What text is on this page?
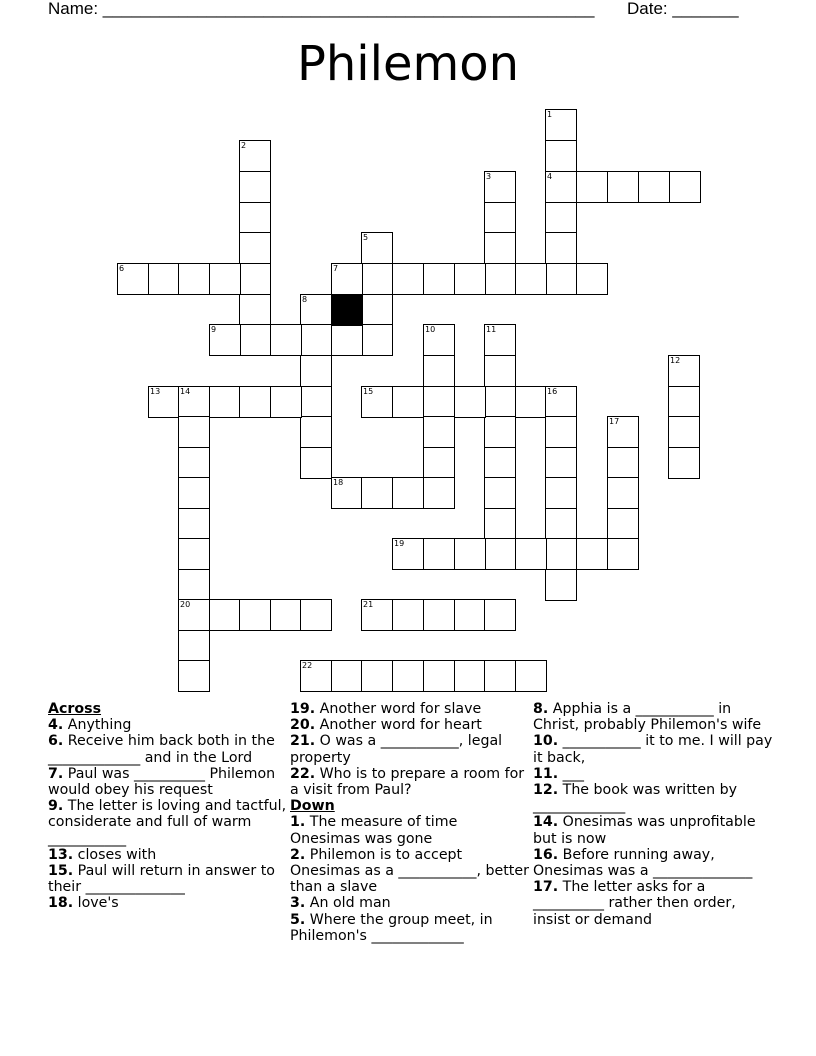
Name: ____________________________________________________ Date: _______
Philemon
1
4
2
3
5
6	7
8
9	10	11
12
13 14	15	16
20
17
18
19
21
22

Across

4. Anything

6. Receive him back both in the _____________ and in the Lord

7. Paul was __________ Philemon would obey his request

9. The letter is loving and tactful, considerate and full of warm ___________

13. closes with

15. Paul will return in answer to their ______________

18. love's

19. Another word for slave

20. Another word for heart

21. O was a ___________, legal property

22. Who is to prepare a room for a visit from Paul?

Down

1. The measure of time Onesimas was gone

2. Philemon is to accept Onesimas as a ___________, better than a slave

3. An old man

5. Where the group meet, in Philemon's _____________

8. Apphia is a ___________ in Christ, probably Philemon's wife

10. ___________ it to me. I will pay it back,

11. ___

12. The book was written by _____________

14. Onesimas was unprofitable but is now

16. Before running away, Onesimas was a ______________

17. The letter asks for a __________ rather then order, insist or demand
